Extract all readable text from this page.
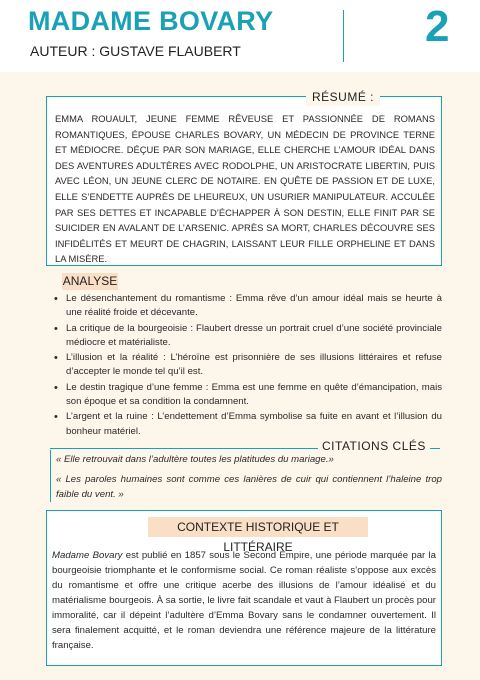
MADAME BOVARY
AUTEUR : GUSTAVE FLAUBERT	2
EMMA ROUAULT, JEUNE FEMME RÊVEUSE ET PASSIONNÉE DE ROMANS ROMANTIQUES, ÉPOUSE CHARLES BOVARY, UN MÉDECIN DE PROVINCE TERNE ET MÉDIOCRE. DÉÇUE PAR SON MARIAGE, ELLE CHERCHE L’AMOUR IDÉAL DANS DES AVENTURES ADULTÈRES AVEC RODOLPHE, UN ARISTOCRATE LIBERTIN, PUIS AVEC LÉON, UN JEUNE CLERC DE NOTAIRE. EN QUÊTE DE PASSION ET DE LUXE, ELLE S’ENDETTE AUPRÈS DE LHEUREUX, UN USURIER MANIPULATEUR. ACCULÉE PAR SES DETTES ET INCAPABLE D’ÉCHAPPER À SON DESTIN, ELLE FINIT PAR SE SUICIDER EN AVALANT DE L’ARSENIC. APRÈS SA MORT, CHARLES DÉCOUVRE SES INFIDÉLITÉS ET MEURT DE CHAGRIN, LAISSANT LEUR FILLE ORPHELINE ET DANS LA MISÈRE.
RÉSUMÉ :
ANALYSE
• Le désenchantement du romantisme : Emma rêve d’un amour idéal mais se heurte à une réalité froide et décevante.
• La critique de la bourgeoisie : Flaubert dresse un portrait cruel d’une société provinciale médiocre et matérialiste.
• L’illusion et la réalité : L’héroïne est prisonnière de ses illusions littéraires et refuse d’accepter le monde tel qu’il est.
• Le destin tragique d’une femme : Emma est une femme en quête d’émancipation, mais son époque et sa condition la condamnent.
• L’argent et la ruine : L’endettement d’Emma symbolise sa fuite en avant et l’illusion du bonheur matériel.
CITATIONS CLÉS
« Elle retrouvait dans l’adultère toutes les platitudes du mariage.»
« Les paroles humaines sont comme ces lanières de cuir qui contiennent l’haleine trop faible du vent. »
CONTEXTE HISTORIQUE ET LITTÉRAIRE
Madame Bovary est publié en 1857 sous le Second Empire, une période marquée par la bourgeoisie triomphante et le conformisme social. Ce roman réaliste s’oppose aux excès du romantisme et offre une critique acerbe des illusions de l’amour idéalisé et du matérialisme bourgeois. À sa sortie, le livre fait scandale et vaut à Flaubert un procès pour immoralité, car il dépeint l’adultère d’Emma Bovary sans le condamner ouvertement. Il sera finalement acquitté, et le roman deviendra une référence majeure de la littérature française.
